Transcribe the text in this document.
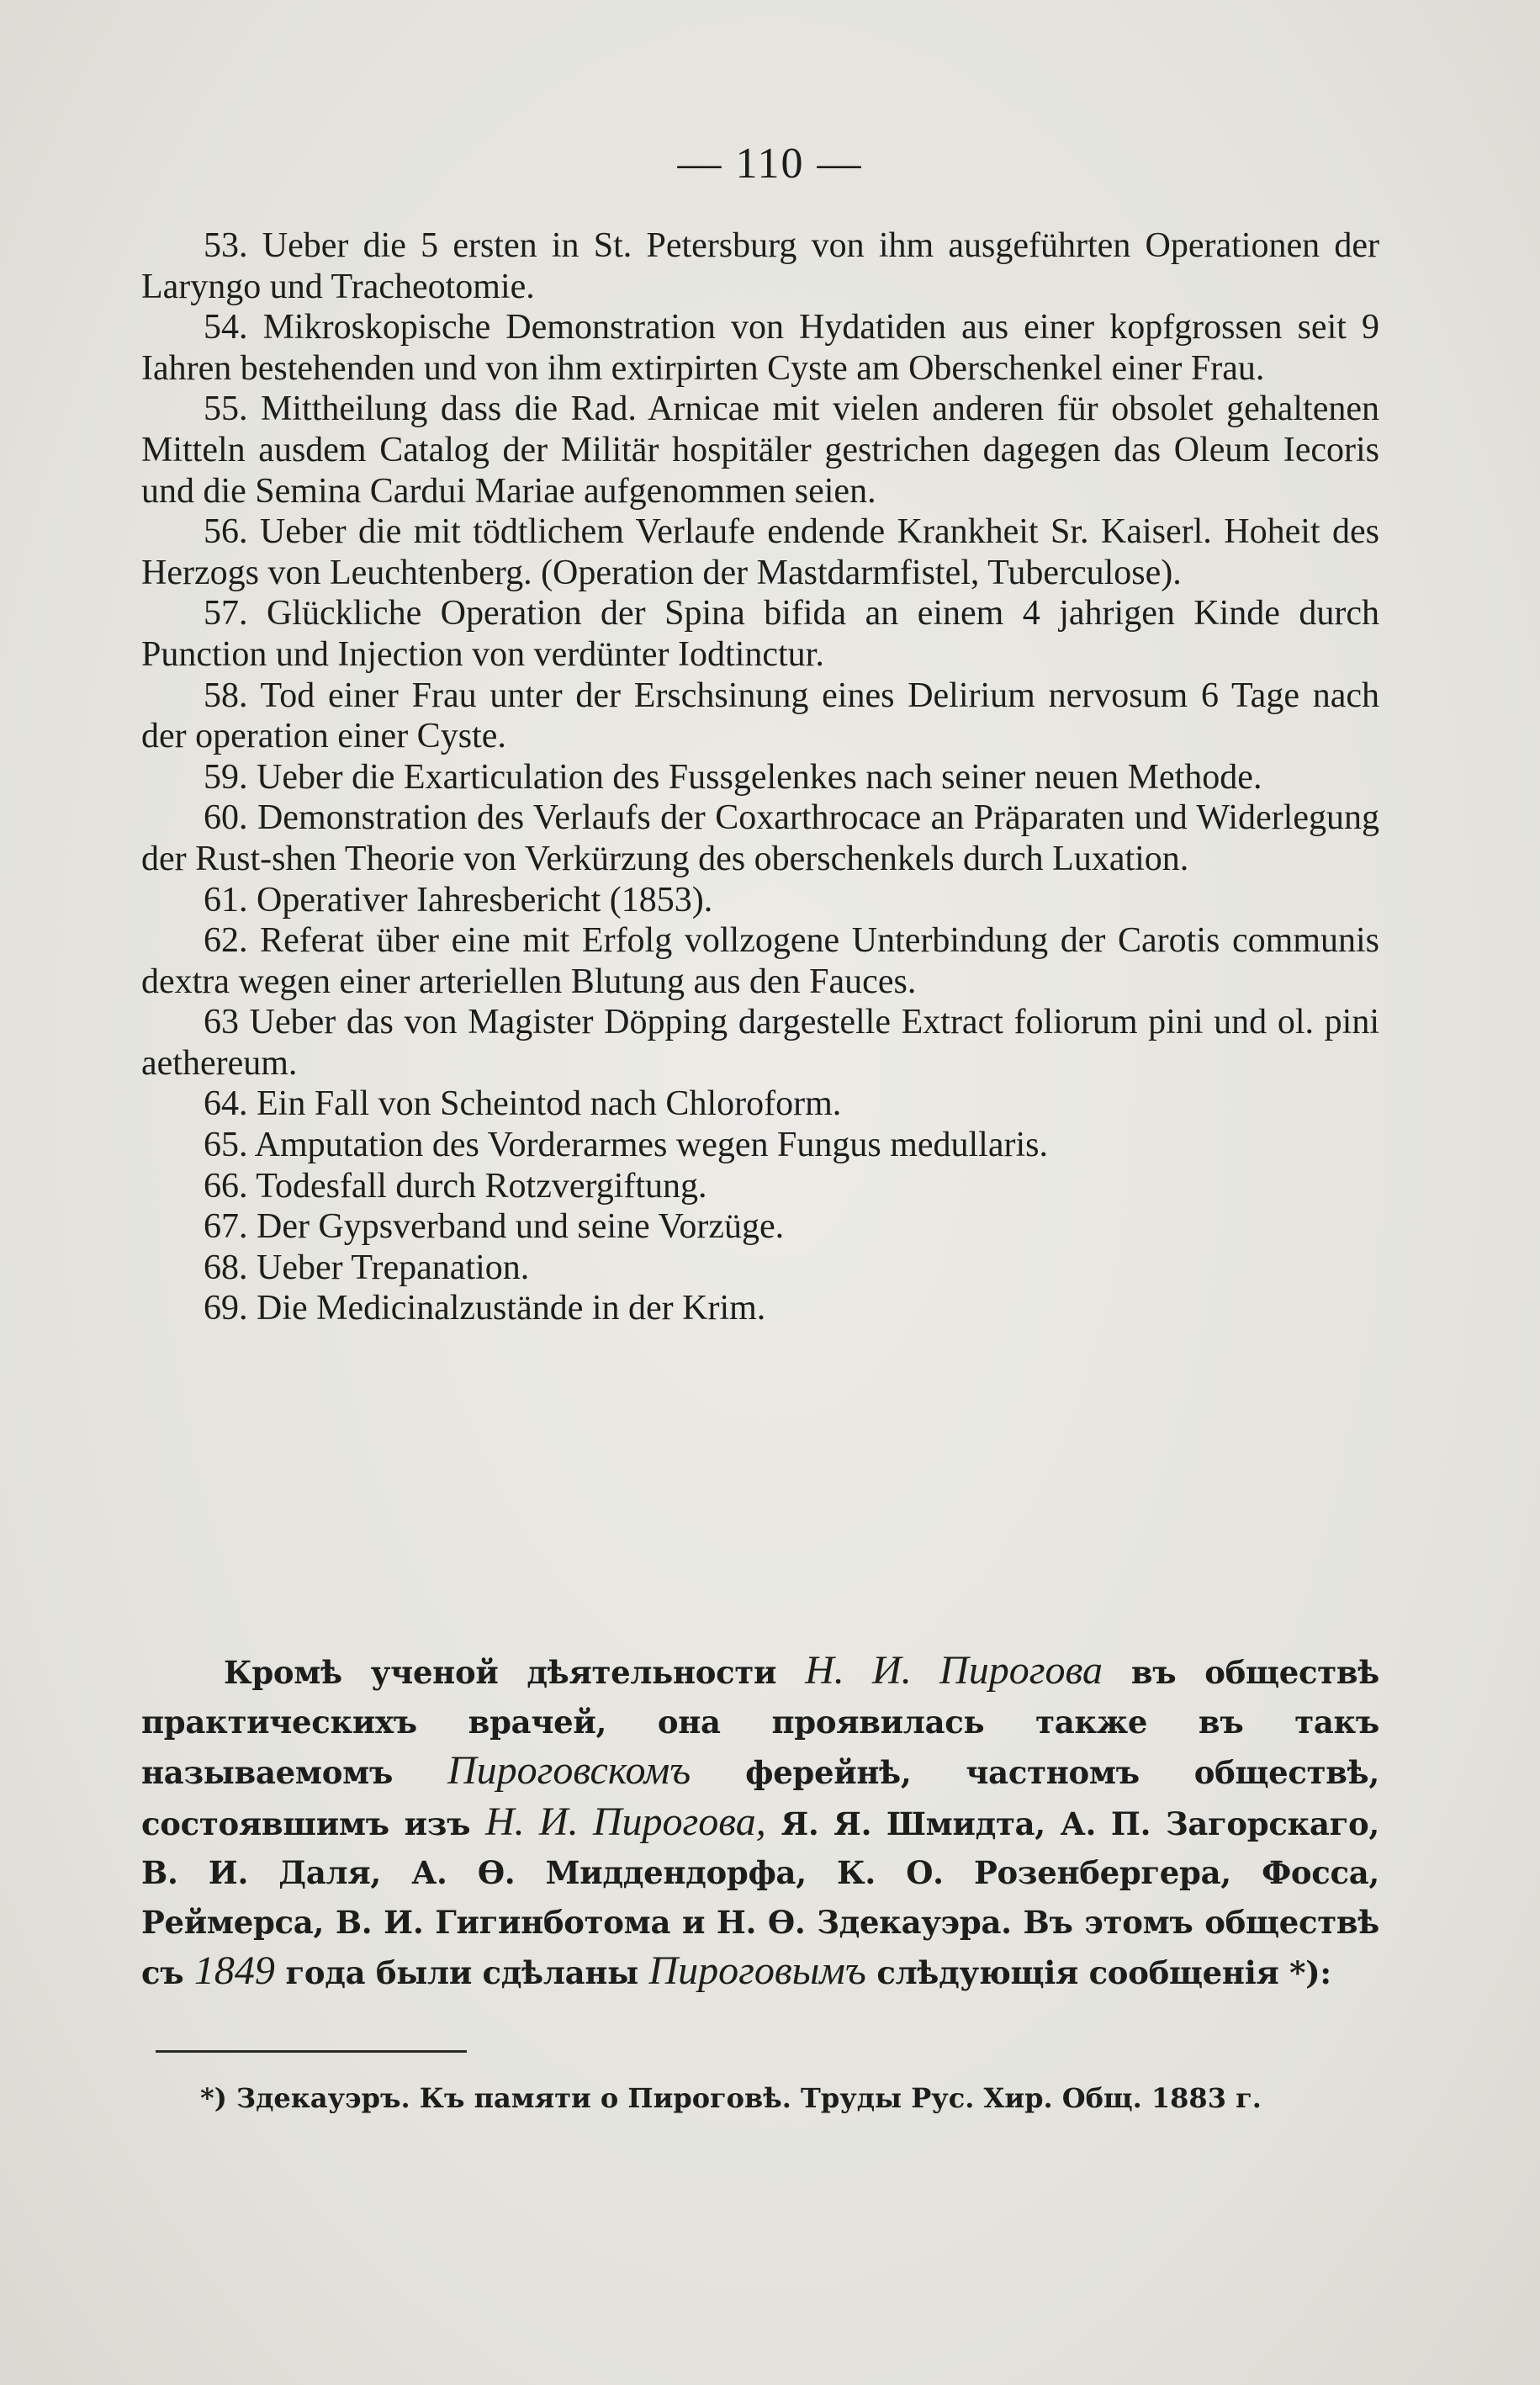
— 110 —

53. Ueber die 5 ersten in St. Petersburg von ihm ausgeführten Operationen der Laryngo und Tracheotomie.

54. Mikroskopische Demonstration von Hydatiden aus einer kopfgrossen seit 9 Iahren bestehenden und von ihm extirpirten Cyste am Oberschenkel einer Frau.

55. Mittheilung dass die Rad. Arnicae mit vielen anderen für obsolet gehaltenen Mitteln ausdem Catalog der Militär hospitäler gestrichen dagegen das Oleum Iecoris und die Semina Cardui Mariae aufgenommen seien.

56. Ueber die mit tödtlichem Verlaufe endende Krankheit Sr. Kaiserl. Hoheit des Herzogs von Leuchtenberg. (Operation der Mastdarmfistel, Tuberculose).

57. Glückliche Operation der Spina bifida an einem 4 jahrigen Kinde durch Punction und Injection von verdünter Iodtinctur.

58. Tod einer Frau unter der Erschsinung eines Delirium nervosum 6 Tage nach der operation einer Cyste.

59. Ueber die Exarticulation des Fussgelenkes nach seiner neuen Methode.

60. Demonstration des Verlaufs der Coxarthrocace an Präparaten und Widerlegung der Rust-shen Theorie von Verkürzung des oberschenkels durch Luxation.

61. Operativer Iahresbericht (1853).

62. Referat über eine mit Erfolg vollzogene Unterbindung der Carotis communis dextra wegen einer arteriellen Blutung aus den Fauces.

63 Ueber das von Magister Döpping dargestelle Extract foliorum pini und ol. pini aethereum.

64. Ein Fall von Scheintod nach Chloroform.

65. Amputation des Vorderarmes wegen Fungus medullaris.

66. Todesfall durch Rotzvergiftung.

67. Der Gypsverband und seine Vorzüge.

68. Ueber Trepanation.

69. Die Medicinalzustände in der Krim.

Кромѣ ученой дѣятельности Н. И. Пирогова въ обществѣ практическихъ врачей, она проявилась также въ такъ называемомъ Пироговскомъ ферейнѣ, частномъ обществѣ, состоявшимъ изъ Н. И. Пирогова, Я. Я. Шмидта, А. П. Загорскаго, В. И. Даля, А. Ѳ. Миддендорфа, К. О. Розенбергера, Фосса, Реймерса, В. И. Гигинботома и Н. Ѳ. Здекауэра. Въ этомъ обществѣ съ 1849 года были сдѣланы Пироговымъ слѣдующія сообщенія *):

*) Здекауэръ. Къ памяти о Пироговѣ. Труды Рус. Хир. Общ. 1883 г.
